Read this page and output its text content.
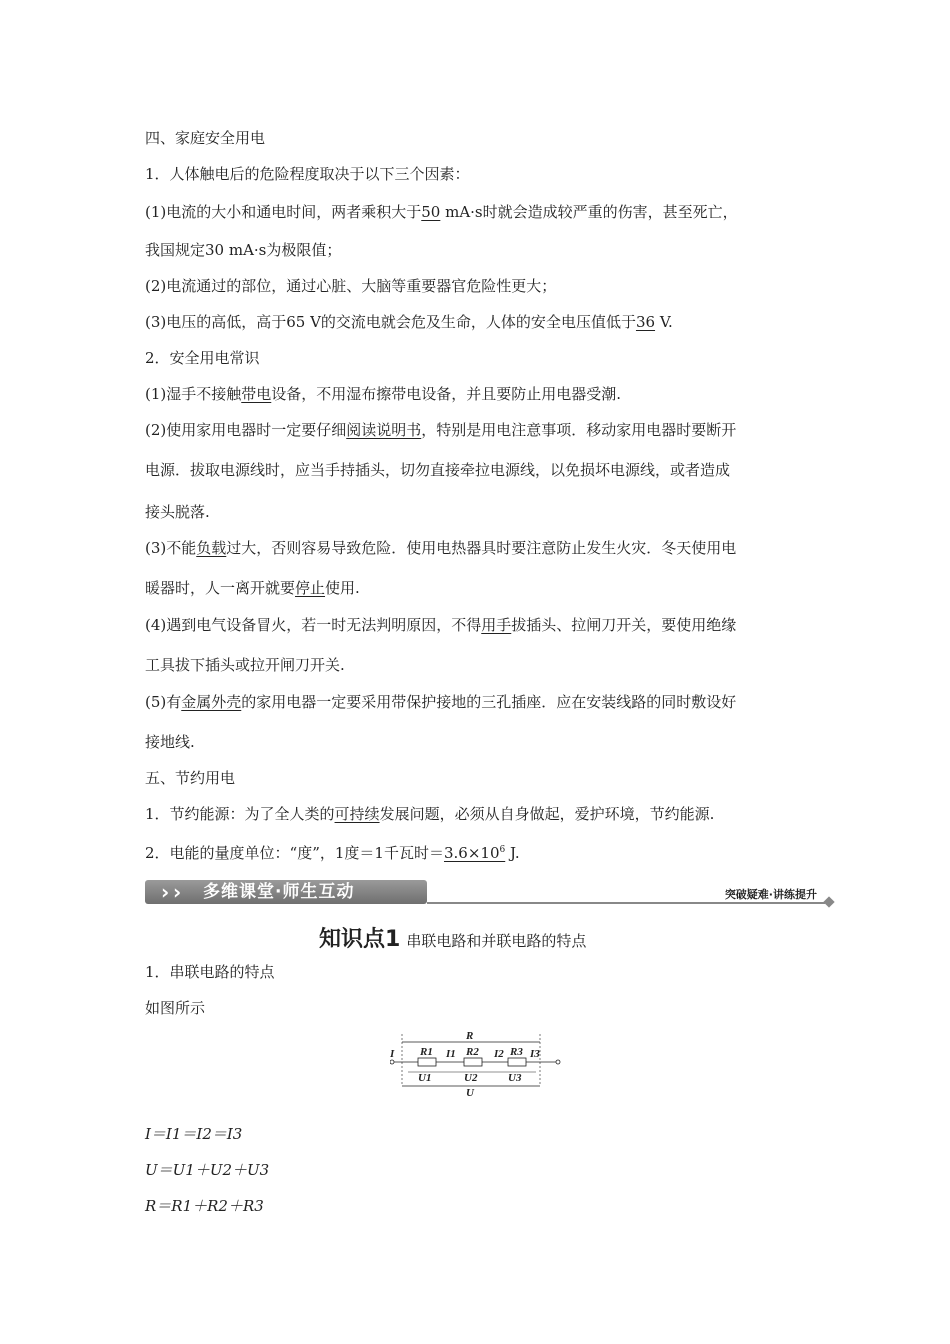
四、家庭安全用电

1．人体触电后的危险程度取决于以下三个因素：

(1)电流的大小和通电时间，两者乘积大于50 mA·s时就会造成较严重的伤害，甚至死亡，

我国规定30 mA·s为极限值；

(2)电流通过的部位，通过心脏、大脑等重要器官危险性更大；

(3)电压的高低，高于65 V的交流电就会危及生命，人体的安全电压值低于36 V.

2．安全用电常识

(1)湿手不接触带电设备，不用湿布擦带电设备，并且要防止用电器受潮.

(2)使用家用电器时一定要仔细阅读说明书，特别是用电注意事项．移动家用电器时要断开

电源．拔取电源线时，应当手持插头，切勿直接牵拉电源线，以免损坏电源线，或者造成

接头脱落.

(3)不能负载过大，否则容易导致危险．使用电热器具时要注意防止发生火灾．冬天使用电

暖器时，人一离开就要停止使用.

(4)遇到电气设备冒火，若一时无法判明原因，不得用手拔插头、拉闸刀开关，要使用绝缘

工具拔下插头或拉开闸刀开关.

(5)有金属外壳的家用电器一定要采用带保护接地的三孔插座．应在安装线路的同时敷设好

接地线.

五、节约用电

1．节约能源：为了全人类的可持续发展问题，必须从自身做起，爱护环境，节约能源.

2．电能的量度单位：“度”，1度＝1千瓦时$=3.6\times 10^6$ J.

› › 多维课堂·师生互动	突破疑难·讲练提升
知识点1 串联电路和并联电路的特点

1．串联电路的特点

如图所示

R
I R1 I1 R2 I2 R3 I3
U1	U2	U3
U

I＝I1＝I2＝I3

U＝U1＋U2＋U3

R＝R1＋R2＋R3
